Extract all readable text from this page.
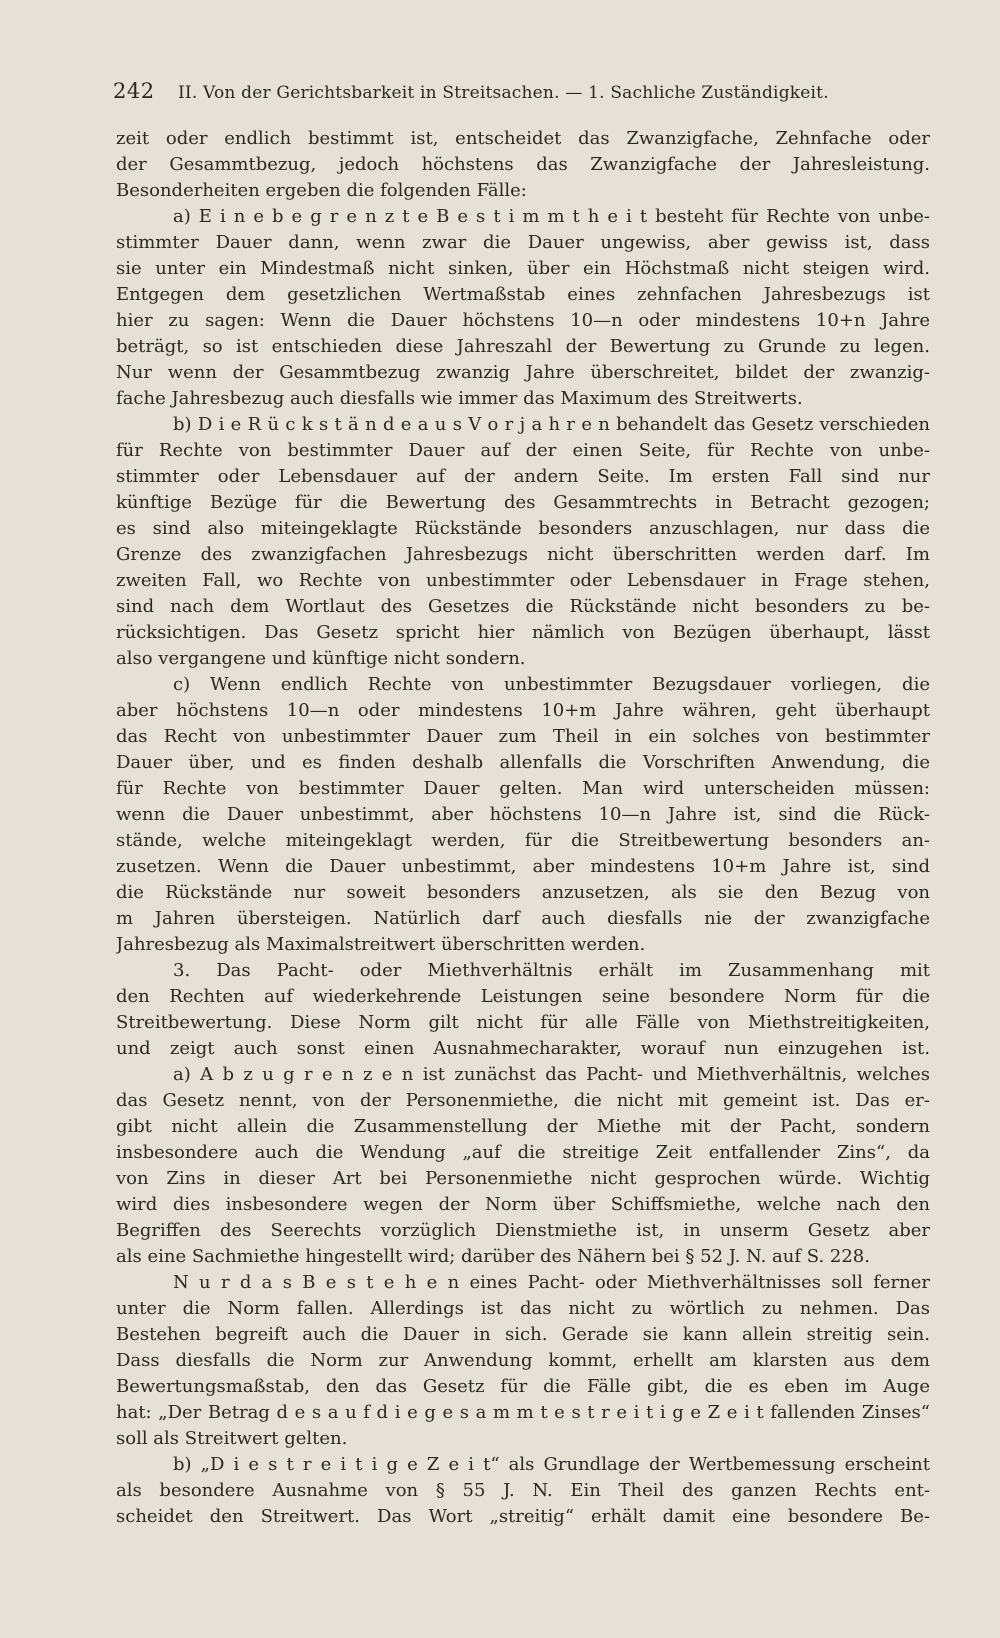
242 II. Von der Gerichtsbarkeit in Streitsachen. — 1. Sachliche Zuständigkeit.
zeit oder endlich bestimmt ist, entscheidet das Zwanzigfache, Zehnfache oder
der Gesammtbezug, jedoch höchstens das Zwanzigfache der Jahresleistung.
Besonderheiten ergeben die folgenden Fälle:
a) E i n e b e g r e n z t e B e s t i m m t h e i t besteht für Rechte von unbe-
stimmter Dauer dann, wenn zwar die Dauer ungewiss, aber gewiss ist, dass
sie unter ein Mindestmaß nicht sinken, über ein Höchstmaß nicht steigen wird.
Entgegen dem gesetzlichen Wertmaßstab eines zehnfachen Jahresbezugs ist
hier zu sagen: Wenn die Dauer höchstens 10—n oder mindestens 10+n Jahre
beträgt, so ist entschieden diese Jahreszahl der Bewertung zu Grunde zu legen.
Nur wenn der Gesammtbezug zwanzig Jahre überschreitet, bildet der zwanzig-
fache Jahresbezug auch diesfalls wie immer das Maximum des Streitwerts.
b) D i e R ü c k s t ä n d e a u s V o r j a h r e n behandelt das Gesetz verschieden
für Rechte von bestimmter Dauer auf der einen Seite, für Rechte von unbe-
stimmter oder Lebensdauer auf der andern Seite. Im ersten Fall sind nur
künftige Bezüge für die Bewertung des Gesammtrechts in Betracht gezogen;
es sind also miteingeklagte Rückstände besonders anzuschlagen, nur dass die
Grenze des zwanzigfachen Jahresbezugs nicht überschritten werden darf. Im
zweiten Fall, wo Rechte von unbestimmter oder Lebensdauer in Frage stehen,
sind nach dem Wortlaut des Gesetzes die Rückstände nicht besonders zu be-
rücksichtigen. Das Gesetz spricht hier nämlich von Bezügen überhaupt, lässt
also vergangene und künftige nicht sondern.
c) Wenn endlich Rechte von unbestimmter Bezugsdauer vorliegen, die
aber höchstens 10—n oder mindestens 10+m Jahre währen, geht überhaupt
das Recht von unbestimmter Dauer zum Theil in ein solches von bestimmter
Dauer über, und es finden deshalb allenfalls die Vorschriften Anwendung, die
für Rechte von bestimmter Dauer gelten. Man wird unterscheiden müssen:
wenn die Dauer unbestimmt, aber höchstens 10—n Jahre ist, sind die Rück-
stände, welche miteingeklagt werden, für die Streitbewertung besonders an-
zusetzen. Wenn die Dauer unbestimmt, aber mindestens 10+m Jahre ist, sind
die Rückstände nur soweit besonders anzusetzen, als sie den Bezug von
m Jahren übersteigen. Natürlich darf auch diesfalls nie der zwanzigfache
Jahresbezug als Maximalstreitwert überschritten werden.
3. Das Pacht- oder Miethverhältnis erhält im Zusammenhang mit
den Rechten auf wiederkehrende Leistungen seine besondere Norm für die
Streitbewertung. Diese Norm gilt nicht für alle Fälle von Miethstreitigkeiten,
und zeigt auch sonst einen Ausnahmecharakter, worauf nun einzugehen ist.
a) A b z u g r e n z e n ist zunächst das Pacht- und Miethverhältnis, welches
das Gesetz nennt, von der Personenmiethe, die nicht mit gemeint ist. Das er-
gibt nicht allein die Zusammenstellung der Miethe mit der Pacht, sondern
insbesondere auch die Wendung „auf die streitige Zeit entfallender Zins“, da
von Zins in dieser Art bei Personenmiethe nicht gesprochen würde. Wichtig
wird dies insbesondere wegen der Norm über Schiffsmiethe, welche nach den
Begriffen des Seerechts vorzüglich Dienstmiethe ist, in unserm Gesetz aber
als eine Sachmiethe hingestellt wird; darüber des Nähern bei § 52 J. N. auf S. 228.
N u r d a s B e s t e h e n eines Pacht- oder Miethverhältnisses soll ferner
unter die Norm fallen. Allerdings ist das nicht zu wörtlich zu nehmen. Das
Bestehen begreift auch die Dauer in sich. Gerade sie kann allein streitig sein.
Dass diesfalls die Norm zur Anwendung kommt, erhellt am klarsten aus dem
Bewertungsmaßstab, den das Gesetz für die Fälle gibt, die es eben im Auge
hat: „Der Betrag d e s a u f d i e g e s a m m t e s t r e i t i g e Z e i t fallenden Zinses“
soll als Streitwert gelten.
b) „D i e s t r e i t i g e Z e i t“ als Grundlage der Wertbemessung erscheint
als besondere Ausnahme von § 55 J. N. Ein Theil des ganzen Rechts ent-
scheidet den Streitwert. Das Wort „streitig“ erhält damit eine besondere Be-
